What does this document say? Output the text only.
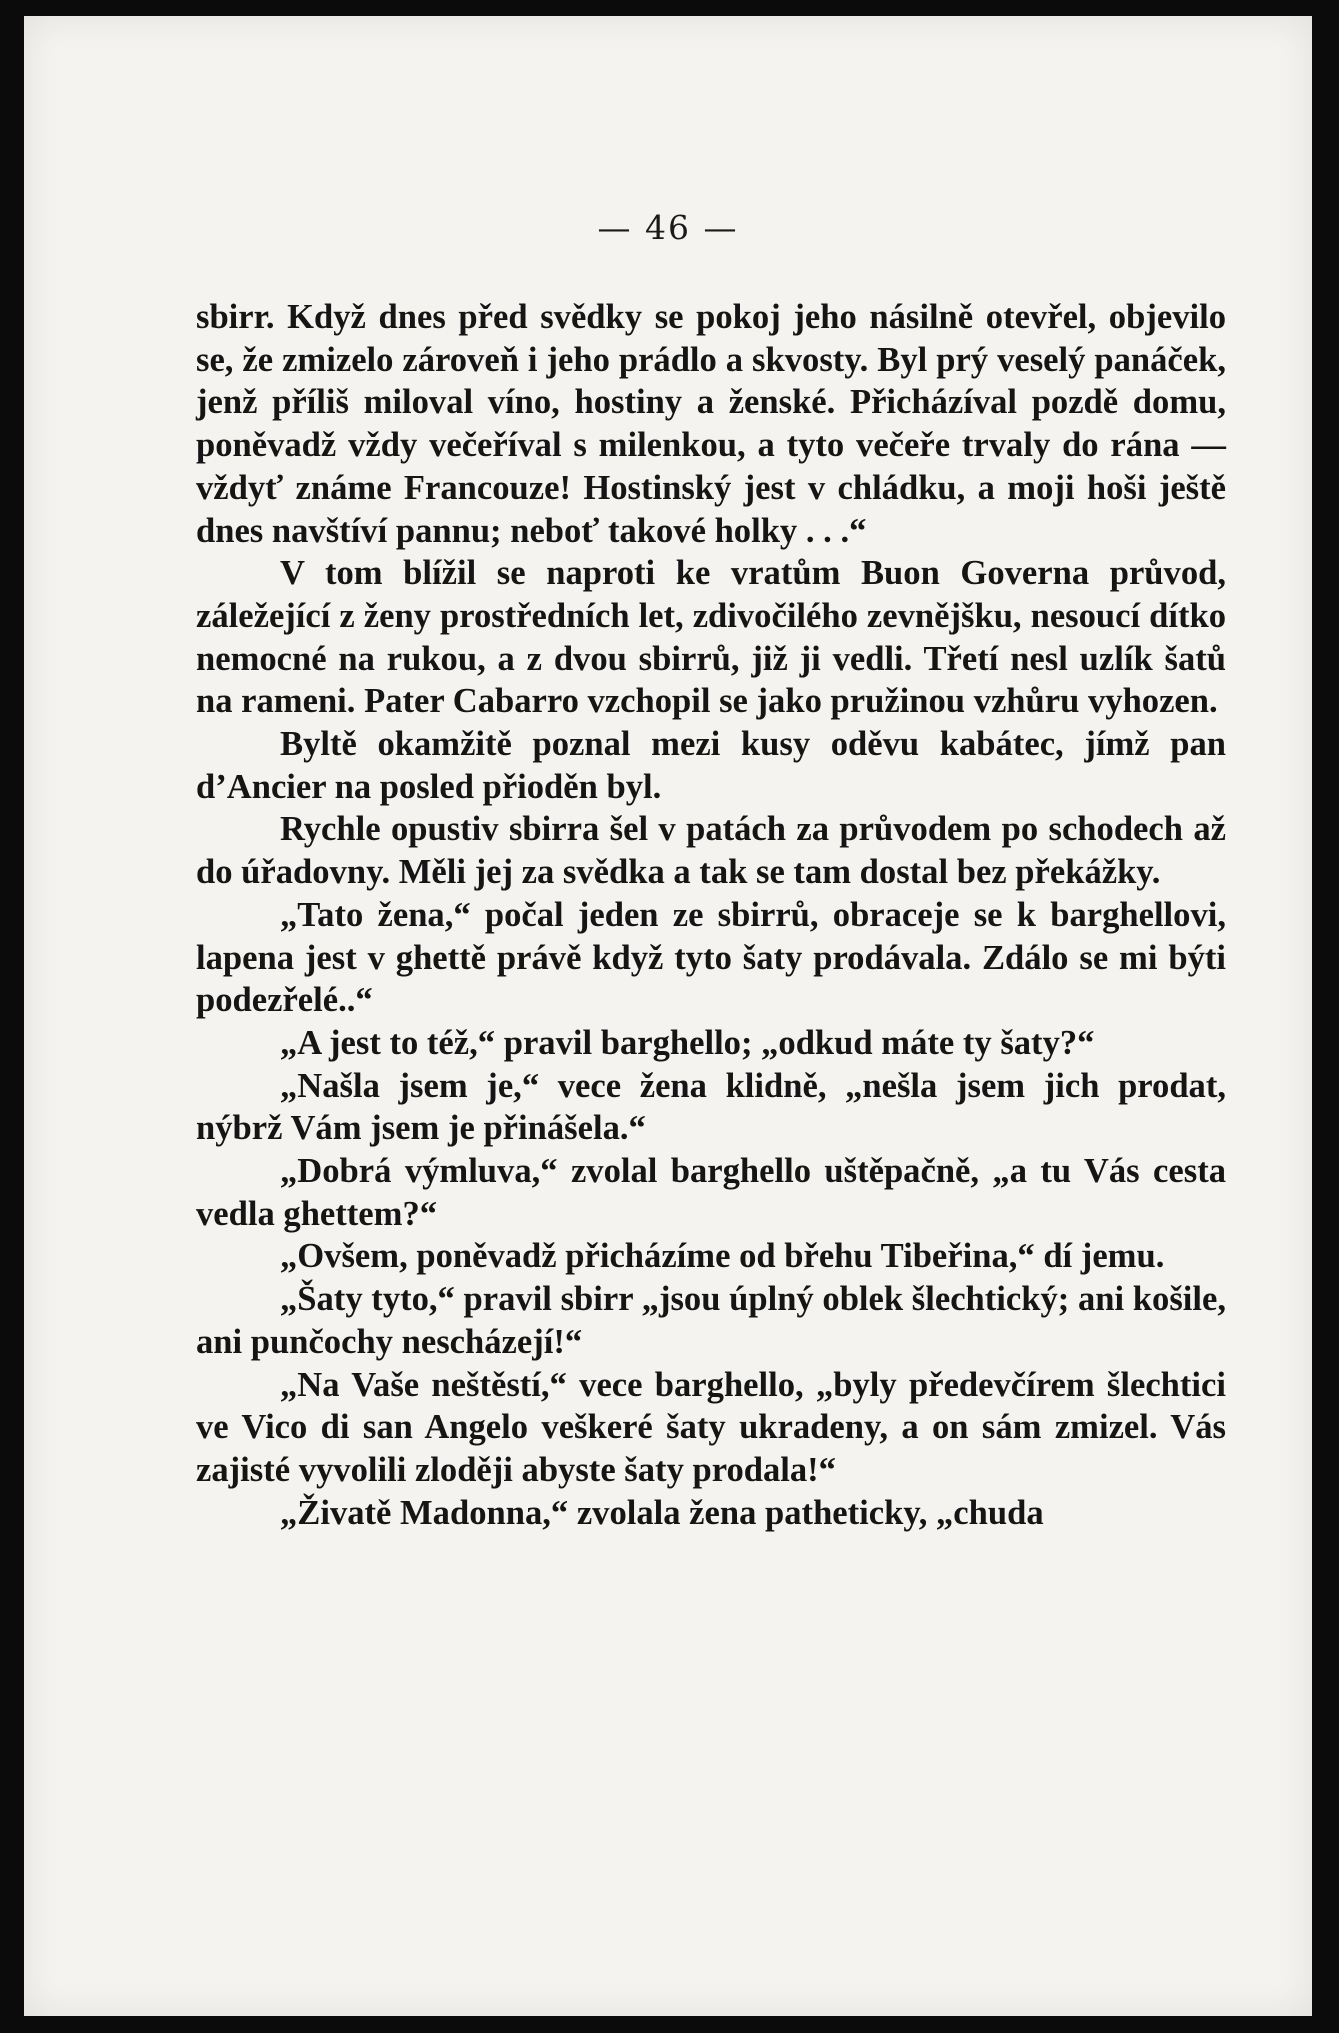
— 46 —

sbirr. Když dnes před svědky se pokoj jeho násilně otevřel, objevilo se, že zmizelo zároveň i jeho prádlo a skvosty. Byl prý veselý panáček, jenž příliš miloval víno, hostiny a ženské. Přicházíval pozdě domu, poněvadž vždy večeříval s milenkou, a tyto večeře trvaly do rána — vždyť známe Francouze! Hostinský jest v chládku, a moji hoši ještě dnes navštíví pannu; neboť takové holky . . .“

V tom blížil se naproti ke vratům Buon Governa průvod, záležející z ženy prostředních let, zdivočilého zevnějšku, nesoucí dítko nemocné na rukou, a z dvou sbirrů, již ji vedli. Třetí nesl uzlík šatů na rameni. Pater Cabarro vzchopil se jako pružinou vzhůru vyhozen.

Byltě okamžitě poznal mezi kusy oděvu kabátec, jímž pan d’Ancier na posled přioděn byl.

Rychle opustiv sbirra šel v patách za průvodem po schodech až do úřadovny. Měli jej za svědka a tak se tam dostal bez překážky.

„Tato žena,“ počal jeden ze sbirrů, obraceje se k barghellovi, lapena jest v ghettě právě když tyto šaty prodávala. Zdálo se mi býti podezřelé..“

„A jest to též,“ pravil barghello; „odkud máte ty šaty?“

„Našla jsem je,“ vece žena klidně, „nešla jsem jich prodat, nýbrž Vám jsem je přinášela.“

„Dobrá výmluva,“ zvolal barghello uštěpačně, „a tu Vás cesta vedla ghettem?“

„Ovšem, poněvadž přicházíme od břehu Tibeřina,“ dí jemu.

„Šaty tyto,“ pravil sbirr „jsou úplný oblek šlechtický; ani košile, ani punčochy nescházejí!“

„Na Vaše neštěstí,“ vece barghello, „byly předevčírem šlechtici ve Vico di san Angelo veškeré šaty ukradeny, a on sám zmizel. Vás zajisté vyvolili zloději abyste šaty prodala!“

„Živatě Madonna,“ zvolala žena patheticky, „chuda
